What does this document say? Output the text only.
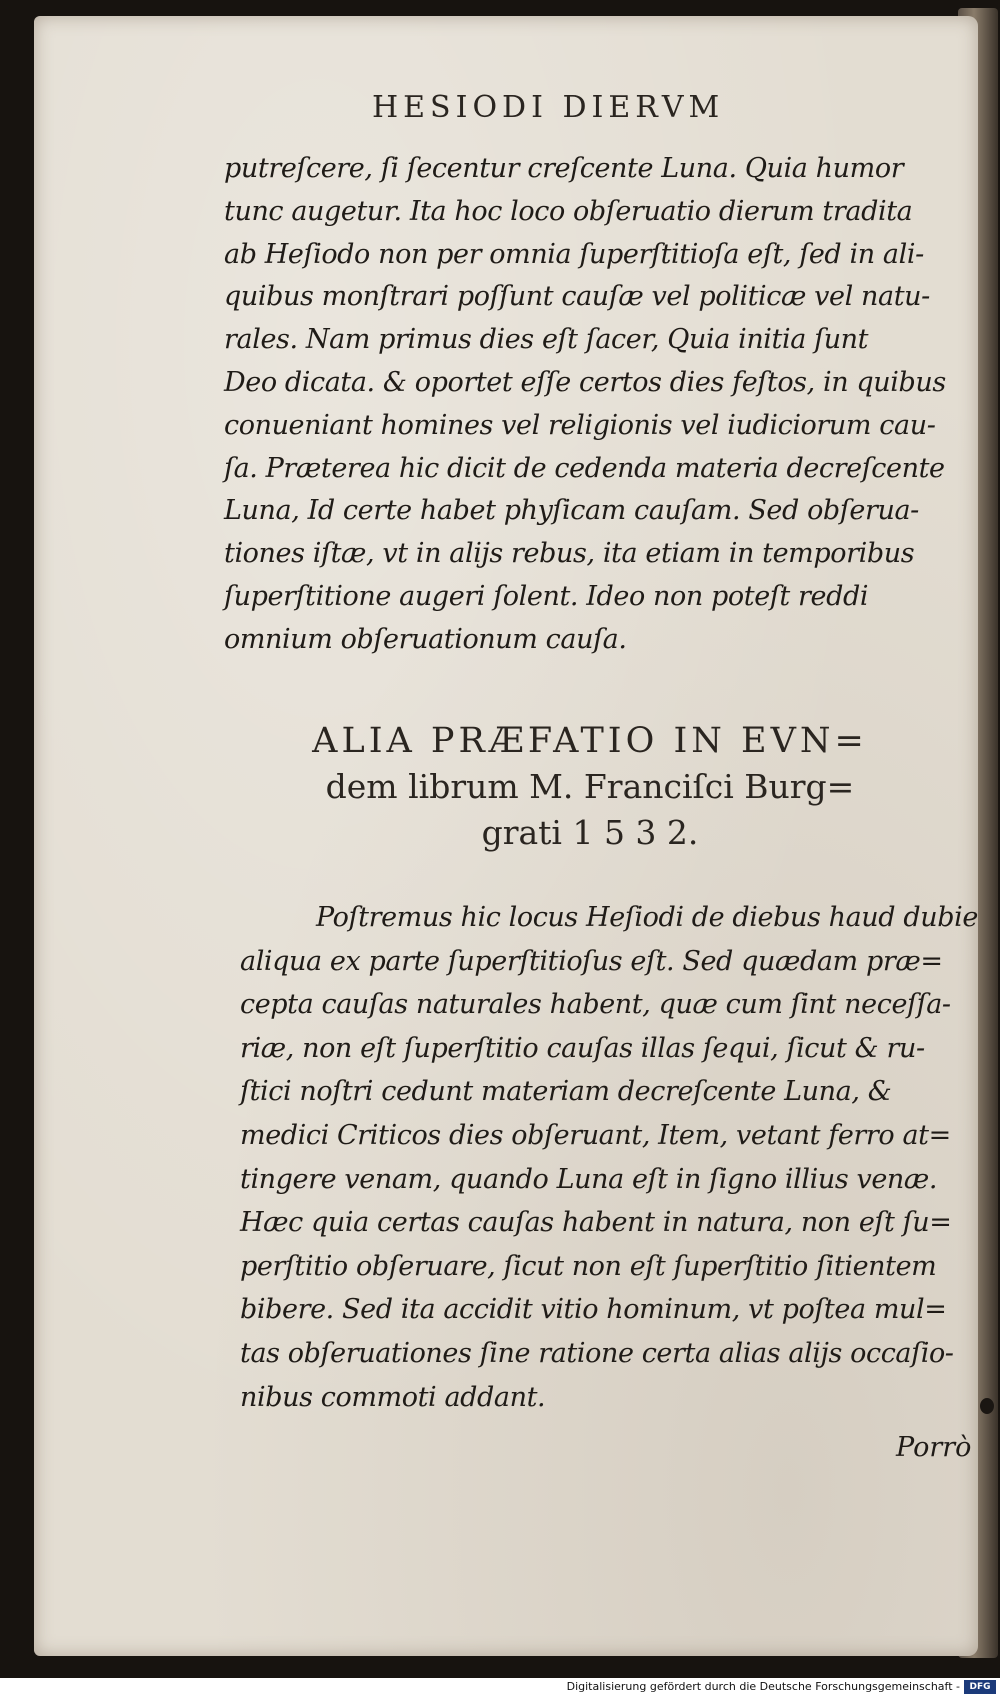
HESIODI DIERVM
putreſcere, ſi ſecentur creſcente Luna. Quia humor
tunc augetur. Ita hoc loco obſeruatio dierum tradita
ab Heſiodo non per omnia ſuperſtitioſa eſt, ſed in ali-
quibus monſtrari poſſunt cauſæ vel politicæ vel natu-
rales. Nam primus dies eſt ſacer, Quia initia ſunt
Deo dicata. & oportet eſſe certos dies feſtos, in quibus
conueniant homines vel religionis vel iudiciorum cau-
ſa. Præterea hic dicit de cedenda materia decreſcente
Luna, Id certe habet phyſicam cauſam. Sed obſerua-
tiones iſtæ, vt in alijs rebus, ita etiam in temporibus
ſuperſtitione augeri ſolent. Ideo non poteſt reddi
omnium obſeruationum cauſa.
ALIA PRÆFATIO IN EVN=
dem librum M. Franciſci Burg=
grati 1 5 3 2.
Poſtremus hic locus Heſiodi de diebus haud dubie
aliqua ex parte ſuperſtitioſus eſt. Sed quædam præ=
cepta cauſas naturales habent, quæ cum ſint neceſſa-
riæ, non eſt ſuperſtitio cauſas illas ſequi, ſicut & ru-
ſtici noſtri cedunt materiam decreſcente Luna, &
medici Criticos dies obſeruant, Item, vetant ferro at=
tingere venam, quando Luna eſt in ſigno illius venæ.
Hæc quia certas cauſas habent in natura, non eſt ſu=
perſtitio obſeruare, ſicut non eſt ſuperſtitio ſitientem
bibere. Sed ita accidit vitio hominum, vt poſtea mul=
tas obſeruationes ſine ratione certa alias alijs occaſio-
nibus commoti addant.
Porrò
Digitalisierung gefördert durch die Deutsche Forschungsgemeinschaft -	DFG
